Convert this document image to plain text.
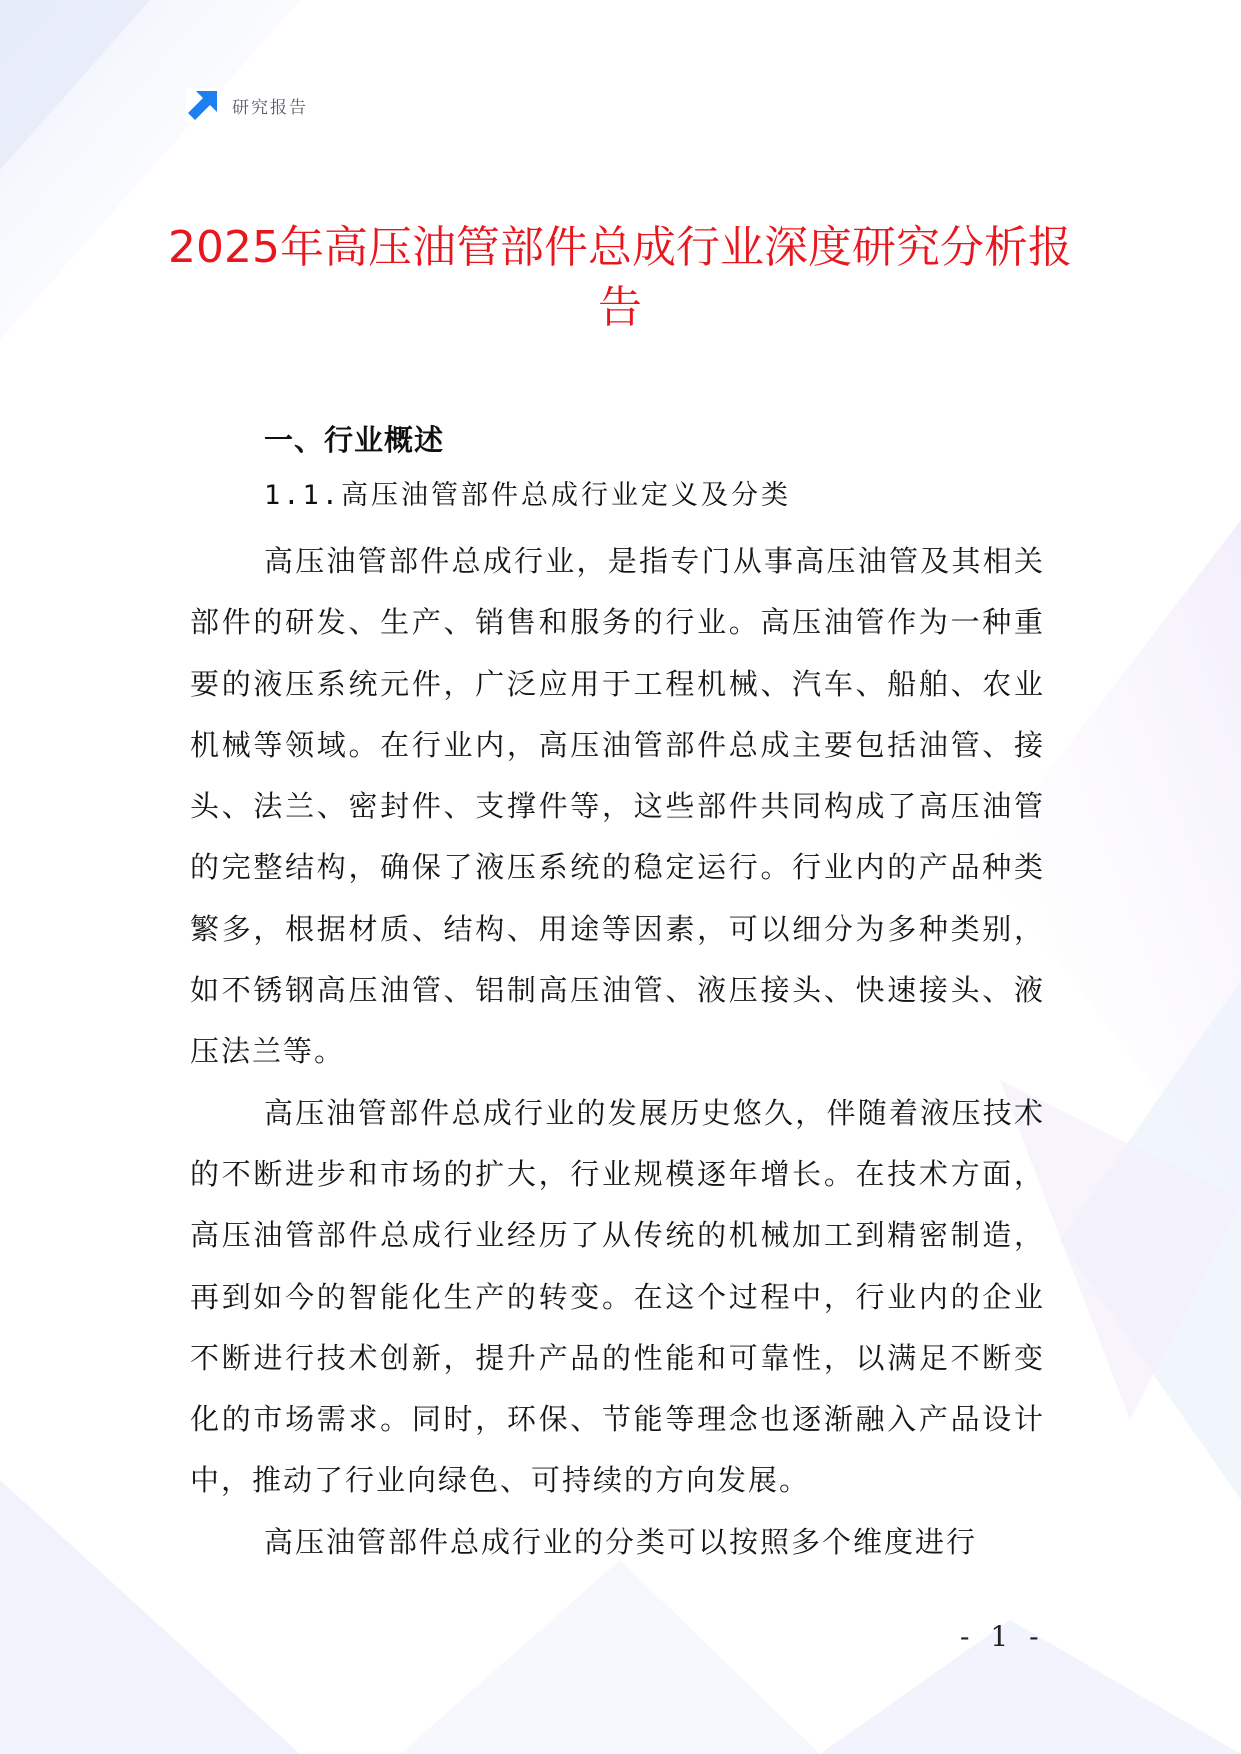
研究报告
2025年高压油管部件总成行业深度研究分析报告
一、行业概述
1.1.高压油管部件总成行业定义及分类

高压油管部件总成行业，是指专门从事高压油管及其相关部件的研发、生产、销售和服务的行业。高压油管作为一种重要的液压系统元件，广泛应用于工程机械、汽车、船舶、农业机械等领域。在行业内，高压油管部件总成主要包括油管、接头、法兰、密封件、支撑件等，这些部件共同构成了高压油管的完整结构，确保了液压系统的稳定运行。行业内的产品种类繁多，根据材质、结构、用途等因素，可以细分为多种类别，如不锈钢高压油管、铝制高压油管、液压接头、快速接头、液压法兰等。

高压油管部件总成行业的发展历史悠久，伴随着液压技术的不断进步和市场的扩大，行业规模逐年增长。在技术方面，高压油管部件总成行业经历了从传统的机械加工到精密制造，再到如今的智能化生产的转变。在这个过程中，行业内的企业不断进行技术创新，提升产品的性能和可靠性，以满足不断变化的市场需求。同时，环保、节能等理念也逐渐融入产品设计中，推动了行业向绿色、可持续的方向发展。

高压油管部件总成行业的分类可以按照多个维度进行

- 1 -
